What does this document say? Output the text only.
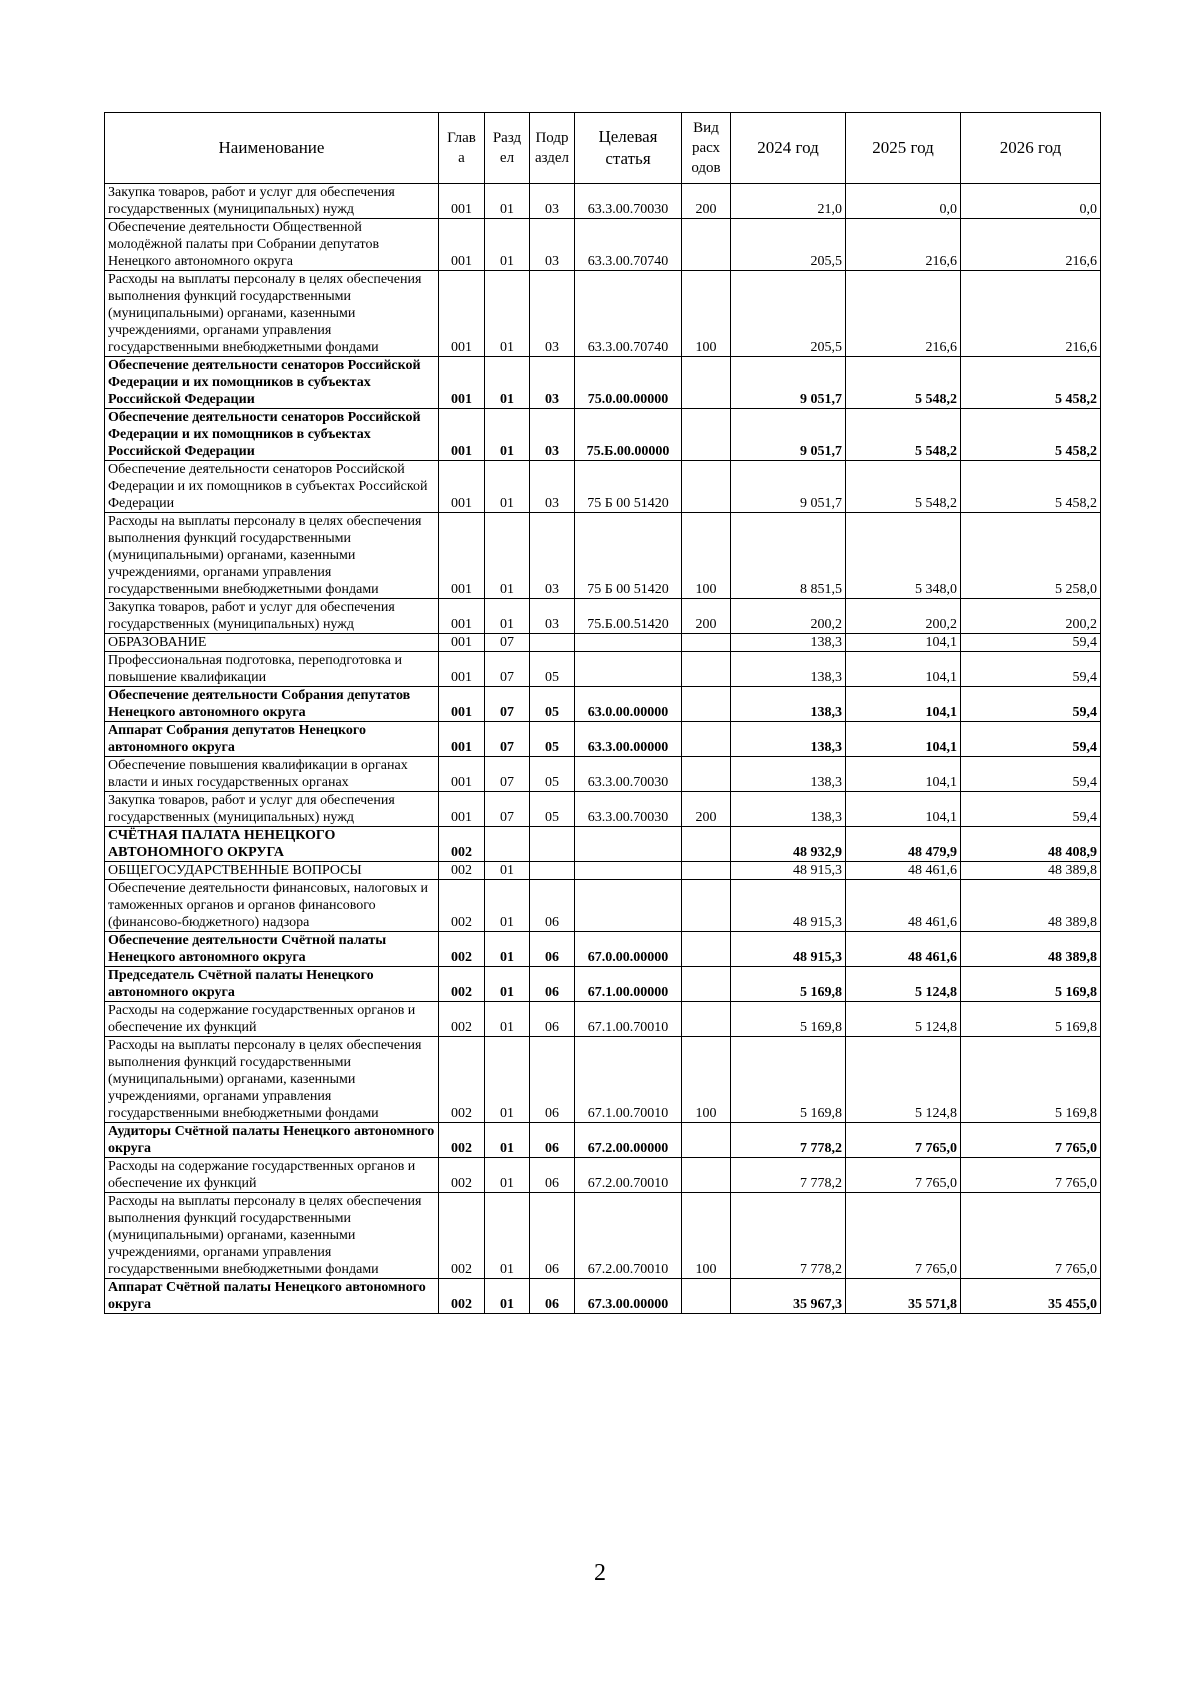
Наименование	Глав а	Разд ел	Подр аздел	Целевая статья	Вид расх одов	2024 год	2025 год	2026 год
Закупка товаров, работ и услуг для обеспечения государственных (муниципальных) нужд	001	01	03	63.3.00.70030	200	21,0	0,0	0,0
Обеспечение деятельности Общественной молодёжной палаты при Собрании депутатов Ненецкого автономного округа	001	01	03	63.3.00.70740		205,5	216,6	216,6
Расходы на выплаты персоналу в целях обеспечения выполнения функций государственными (муниципальными) органами, казенными учреждениями, органами управления государственными внебюджетными фондами	001	01	03	63.3.00.70740	100	205,5	216,6	216,6
Обеспечение деятельности сенаторов Российской Федерации и их помощников в субъектах Российской Федерации	001	01	03	75.0.00.00000		9 051,7	5 548,2	5 458,2
Обеспечение деятельности сенаторов Российской Федерации и их помощников в субъектах Российской Федерации	001	01	03	75.Б.00.00000		9 051,7	5 548,2	5 458,2
Обеспечение деятельности сенаторов Российской Федерации и их помощников в субъектах Российской Федерации	001	01	03	75 Б 00 51420		9 051,7	5 548,2	5 458,2
Расходы на выплаты персоналу в целях обеспечения выполнения функций государственными (муниципальными) органами, казенными учреждениями, органами управления государственными внебюджетными фондами	001	01	03	75 Б 00 51420	100	8 851,5	5 348,0	5 258,0
Закупка товаров, работ и услуг для обеспечения государственных (муниципальных) нужд	001	01	03	75.Б.00.51420	200	200,2	200,2	200,2
ОБРАЗОВАНИЕ	001	07				138,3	104,1	59,4
Профессиональная подготовка, переподготовка и повышение квалификации	001	07	05			138,3	104,1	59,4
Обеспечение деятельности Собрания депутатов Ненецкого автономного округа	001	07	05	63.0.00.00000		138,3	104,1	59,4
Аппарат Собрания депутатов Ненецкого автономного округа	001	07	05	63.3.00.00000		138,3	104,1	59,4
Обеспечение повышения квалификации в органах власти и иных государственных органах	001	07	05	63.3.00.70030		138,3	104,1	59,4
Закупка товаров, работ и услуг для обеспечения государственных (муниципальных) нужд	001	07	05	63.3.00.70030	200	138,3	104,1	59,4
СЧЁТНАЯ ПАЛАТА НЕНЕЦКОГО АВТОНОМНОГО ОКРУГА	002					48 932,9	48 479,9	48 408,9
ОБЩЕГОСУДАРСТВЕННЫЕ ВОПРОСЫ	002	01				48 915,3	48 461,6	48 389,8
Обеспечение деятельности финансовых, налоговых и таможенных органов и органов финансового (финансово-бюджетного) надзора	002	01	06			48 915,3	48 461,6	48 389,8
Обеспечение деятельности Счётной палаты Ненецкого автономного округа	002	01	06	67.0.00.00000		48 915,3	48 461,6	48 389,8
Председатель Счётной палаты Ненецкого автономного округа	002	01	06	67.1.00.00000		5 169,8	5 124,8	5 169,8
Расходы на содержание государственных органов и обеспечение их функций	002	01	06	67.1.00.70010		5 169,8	5 124,8	5 169,8
Расходы на выплаты персоналу в целях обеспечения выполнения функций государственными (муниципальными) органами, казенными учреждениями, органами управления государственными внебюджетными фондами	002	01	06	67.1.00.70010	100	5 169,8	5 124,8	5 169,8
Аудиторы Счётной палаты Ненецкого автономного округа	002	01	06	67.2.00.00000		7 778,2	7 765,0	7 765,0
Расходы на содержание государственных органов и обеспечение их функций	002	01	06	67.2.00.70010		7 778,2	7 765,0	7 765,0
Расходы на выплаты персоналу в целях обеспечения выполнения функций государственными (муниципальными) органами, казенными учреждениями, органами управления государственными внебюджетными фондами	002	01	06	67.2.00.70010	100	7 778,2	7 765,0	7 765,0
Аппарат Счётной палаты Ненецкого автономного округа	002	01	06	67.3.00.00000		35 967,3	35 571,8	35 455,0
2
